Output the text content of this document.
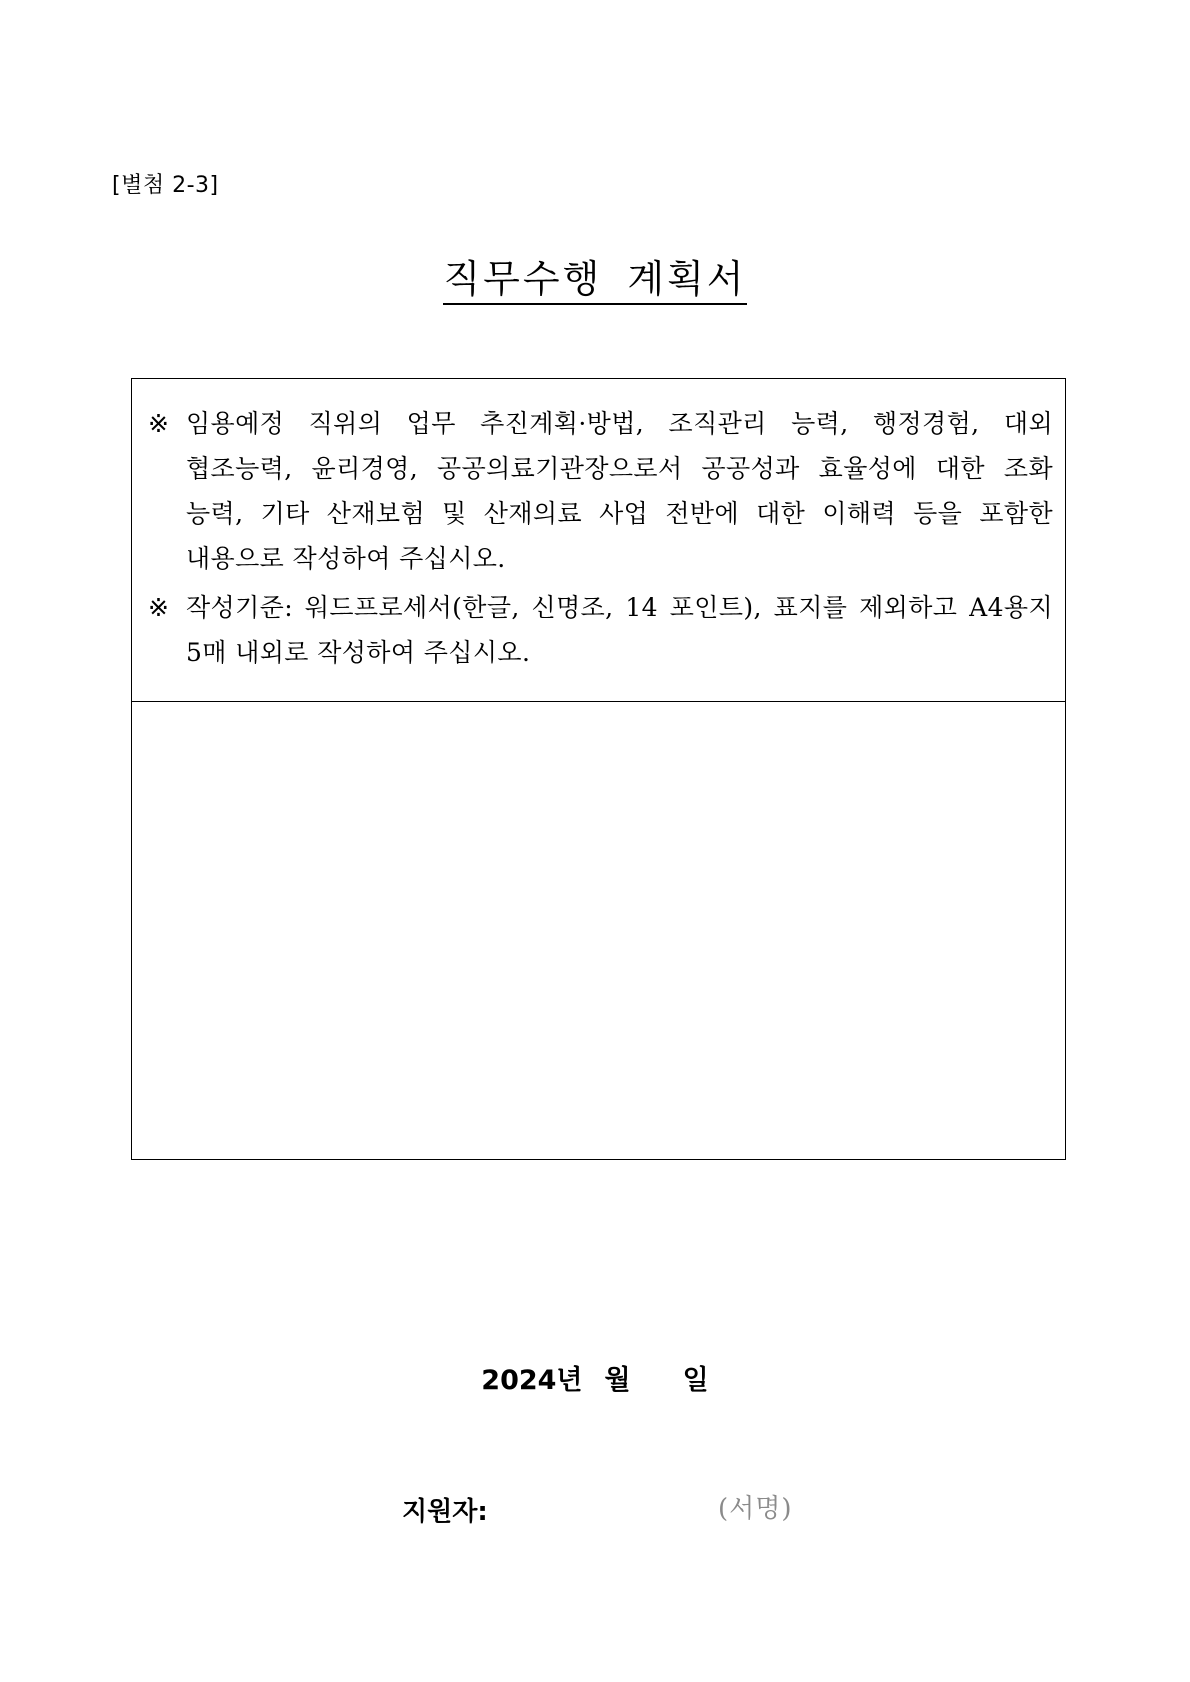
[별첨 2-3]
직무수행 계획서
※ 임용예정 직위의 업무 추진계획·방법, 조직관리 능력, 행정경험, 대외 협조능력, 윤리경영, 공공의료기관장으로서 공공성과 효율성에 대한 조화 능력, 기타 산재보험 및 산재의료 사업 전반에 대한 이해력 등을 포함한 내용으로 작성하여 주십시오.
※ 작성기준: 워드프로세서(한글, 신명조, 14 포인트), 표지를 제외하고 A4용지 5매 내외로 작성하여 주십시오.
2024년 월 일
지원자:	(서명)
